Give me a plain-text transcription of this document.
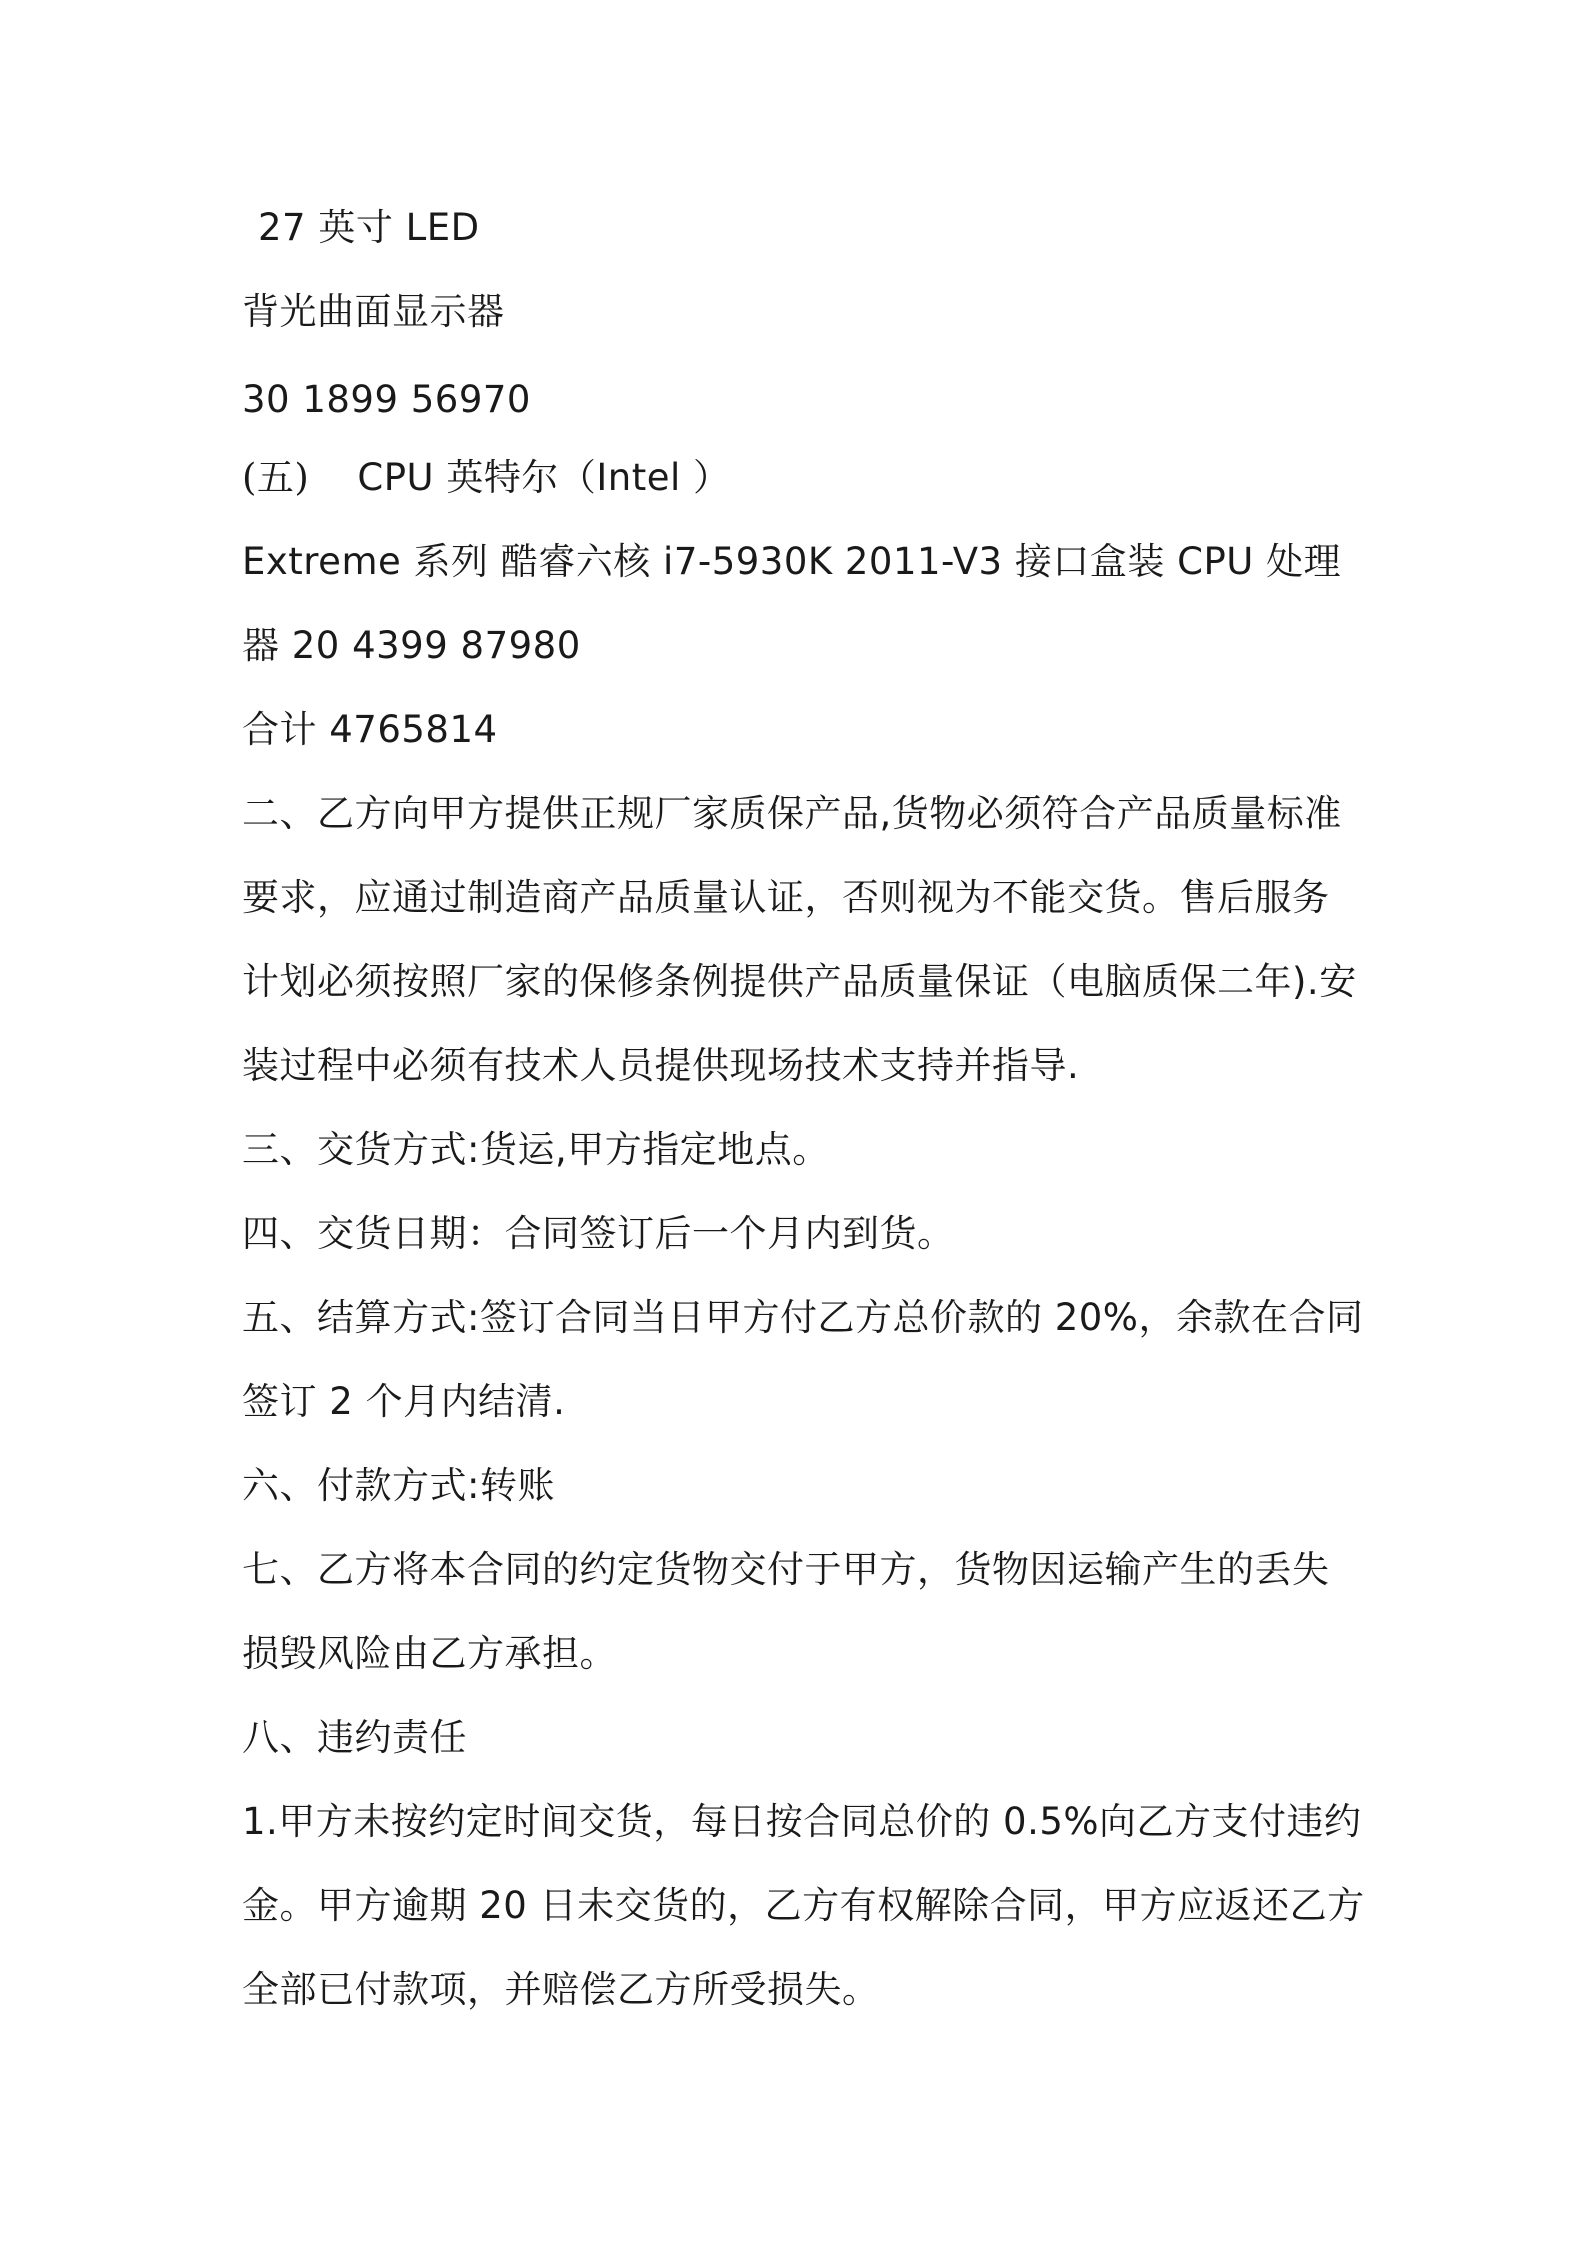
27 英寸 LED
背光曲面显示器
30 1899 56970
(五) CPU 英特尔（Intel ）
Extreme 系列 酷睿六核 i7-5930K 2011-V3 接口盒装 CPU 处理
器 20 4399 87980
合计 4765814
二、乙方向甲方提供正规厂家质保产品,货物必须符合产品质量标准
要求，应通过制造商产品质量认证，否则视为不能交货。售后服务
计划必须按照厂家的保修条例提供产品质量保证（电脑质保二年).安
装过程中必须有技术人员提供现场技术支持并指导.
三、交货方式:货运,甲方指定地点。
四、交货日期：合同签订后一个月内到货。
五、结算方式:签订合同当日甲方付乙方总价款的 20%，余款在合同
签订 2 个月内结清.
六、付款方式:转账
七、乙方将本合同的约定货物交付于甲方，货物因运输产生的丢失
损毁风险由乙方承担。
八、违约责任
1.甲方未按约定时间交货，每日按合同总价的 0.5%向乙方支付违约
金。甲方逾期 20 日未交货的，乙方有权解除合同，甲方应返还乙方
全部已付款项，并赔偿乙方所受损失。
